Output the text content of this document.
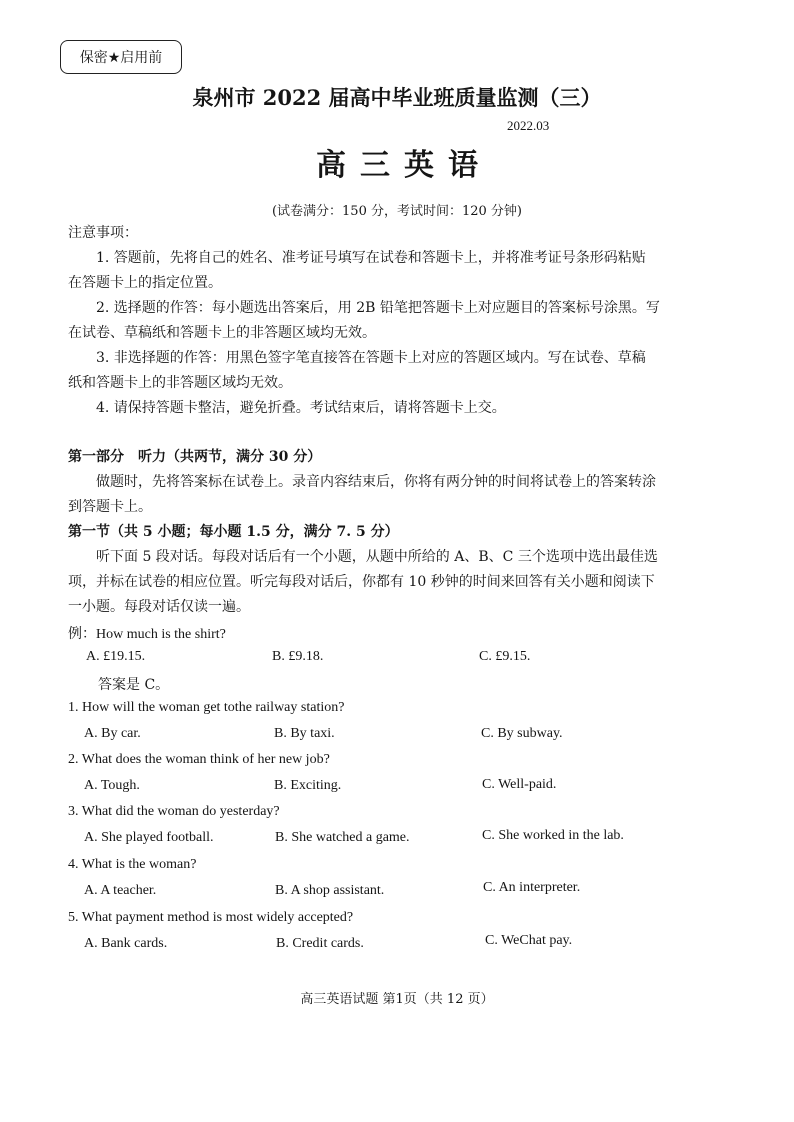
保密★启用前
泉州市 2022 届高中毕业班质量监测（三）
2022.03
高三英语
(试卷满分：150 分，考试时间：120 分钟)
注意事项：
1. 答题前，先将自己的姓名、准考证号填写在试卷和答题卡上，并将准考证号条形码粘贴
在答题卡上的指定位置。
2. 选择题的作答：每小题选出答案后，用 2B 铅笔把答题卡上对应题目的答案标号涂黑。写
在试卷、草稿纸和答题卡上的非答题区域均无效。
3. 非选择题的作答：用黑色签字笔直接答在答题卡上对应的答题区域内。写在试卷、草稿
纸和答题卡上的非答题区域均无效。
4. 请保持答题卡整洁，避免折叠。考试结束后，请将答题卡上交。
第一部分　听力（共两节，满分 30 分）
做题时，先将答案标在试卷上。录音内容结束后，你将有两分钟的时间将试卷上的答案转涂
到答题卡上。
第一节（共 5 小题；每小题 1.5 分，满分 7. 5 分）
听下面 5 段对话。每段对话后有一个小题，从题中所给的 A、B、C 三个选项中选出最佳选
项，并标在试卷的相应位置。听完每段对话后，你都有 10 秒钟的时间来回答有关小题和阅读下
一小题。每段对话仅读一遍。
例：How much is the shirt?
A. £19.15.	B. £9.18.	C. £9.15.
答案是 C。
1. How will the woman get tothe railway station?
A. By car.	B. By taxi.	C. By subway.
2. What does the woman think of her new job?
A. Tough.	B. Exciting.	C. Well-paid.
3. What did the woman do yesterday?
A. She played football.	B. She watched a game.	C. She worked in the lab.
4. What is the woman?
A. A teacher.	B. A shop assistant.	C. An interpreter.
5. What payment method is most widely accepted?
A. Bank cards.	B. Credit cards.	C. WeChat pay.
高三英语试题 第1页（共 12 页）
